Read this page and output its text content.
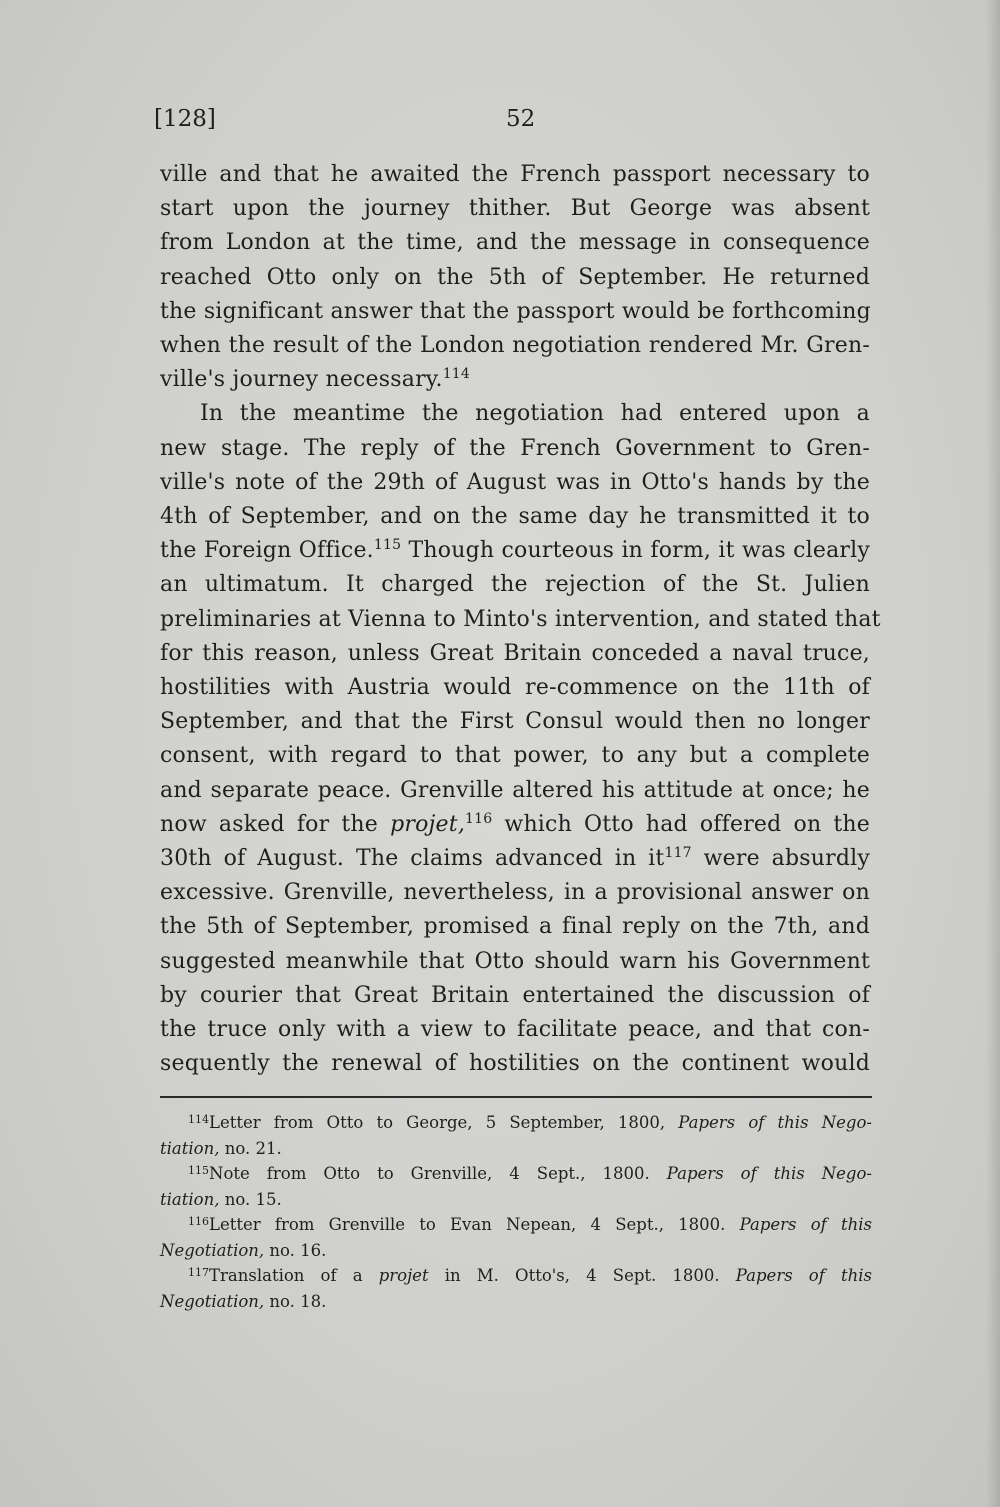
[128]	52
ville and that he awaited the French passport necessary to
start upon the journey thither. But George was absent
from London at the time, and the message in consequence
reached Otto only on the 5th of September. He returned
the significant answer that the passport would be forthcoming
when the result of the London negotiation rendered Mr. Gren-
ville's journey necessary.$^{114}$
In the meantime the negotiation had entered upon a
new stage. The reply of the French Government to Gren-
ville's note of the 29th of August was in Otto's hands by the
4th of September, and on the same day he transmitted it to
the Foreign Office.$^{115}$ Though courteous in form, it was clearly
an ultimatum. It charged the rejection of the St. Julien
preliminaries at Vienna to Minto's intervention, and stated that
for this reason, unless Great Britain conceded a naval truce,
hostilities with Austria would re-commence on the 11th of
September, and that the First Consul would then no longer
consent, with regard to that power, to any but a complete
and separate peace. Grenville altered his attitude at once; he
now asked for the projet,$^{116}$ which Otto had offered on the
30th of August. The claims advanced in $it^{117}$ were absurdly
excessive. Grenville, nevertheless, in a provisional answer on
the 5th of September, promised a final reply on the 7th, and
suggested meanwhile that Otto should warn his Government
by courier that Great Britain entertained the discussion of
the truce only with a view to facilitate peace, and that con-
sequently the renewal of hostilities on the continent would
$^{114}$Letter from Otto to George, 5 September, 1800, Papers of this Nego-
tiation, no. 21.
$^{115}$Note from Otto to Grenville, 4 Sept., 1800. Papers of this Nego-
tiation, no. 15.
$^{116}$Letter from Grenville to Evan Nepean, 4 Sept., 1800. Papers of this
Negotiation, no. 16.
$^{117}$Translation of a projet in M. Otto's, 4 Sept. 1800. Papers of this
Negotiation, no. 18.
